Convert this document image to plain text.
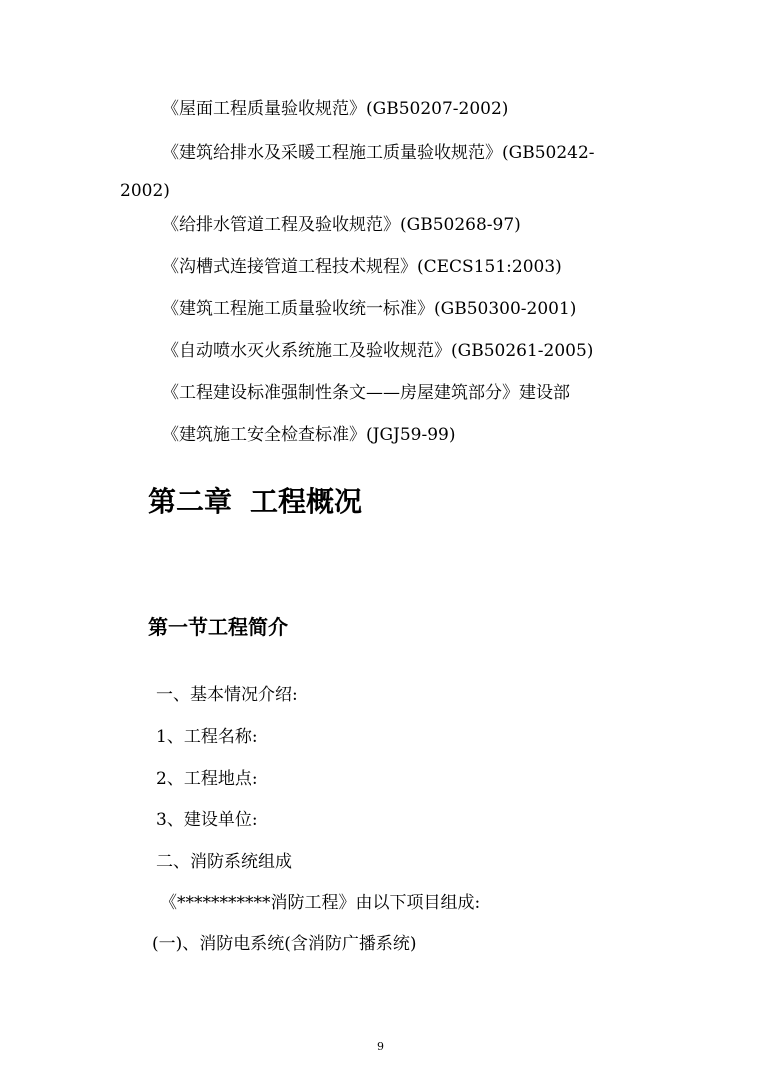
《屋面工程质量验收规范》(GB50207-2002)
《建筑给排水及采暖工程施工质量验收规范》(GB50242-
2002)
《给排水管道工程及验收规范》(GB50268-97)
《沟槽式连接管道工程技术规程》(CECS151:2003)
《建筑工程施工质量验收统一标准》(GB50300-2001)
《自动喷水灭火系统施工及验收规范》(GB50261-2005)
《工程建设标准强制性条文——房屋建筑部分》建设部
《建筑施工安全检查标准》(JGJ59-99)
第二章 工程概况
第一节工程简介
一、基本情况介绍:
1、工程名称:
2、工程地点:
3、建设单位:
二、消防系统组成
《***********消防工程》由以下项目组成:
(一)、消防电系统(含消防广播系统)
9
